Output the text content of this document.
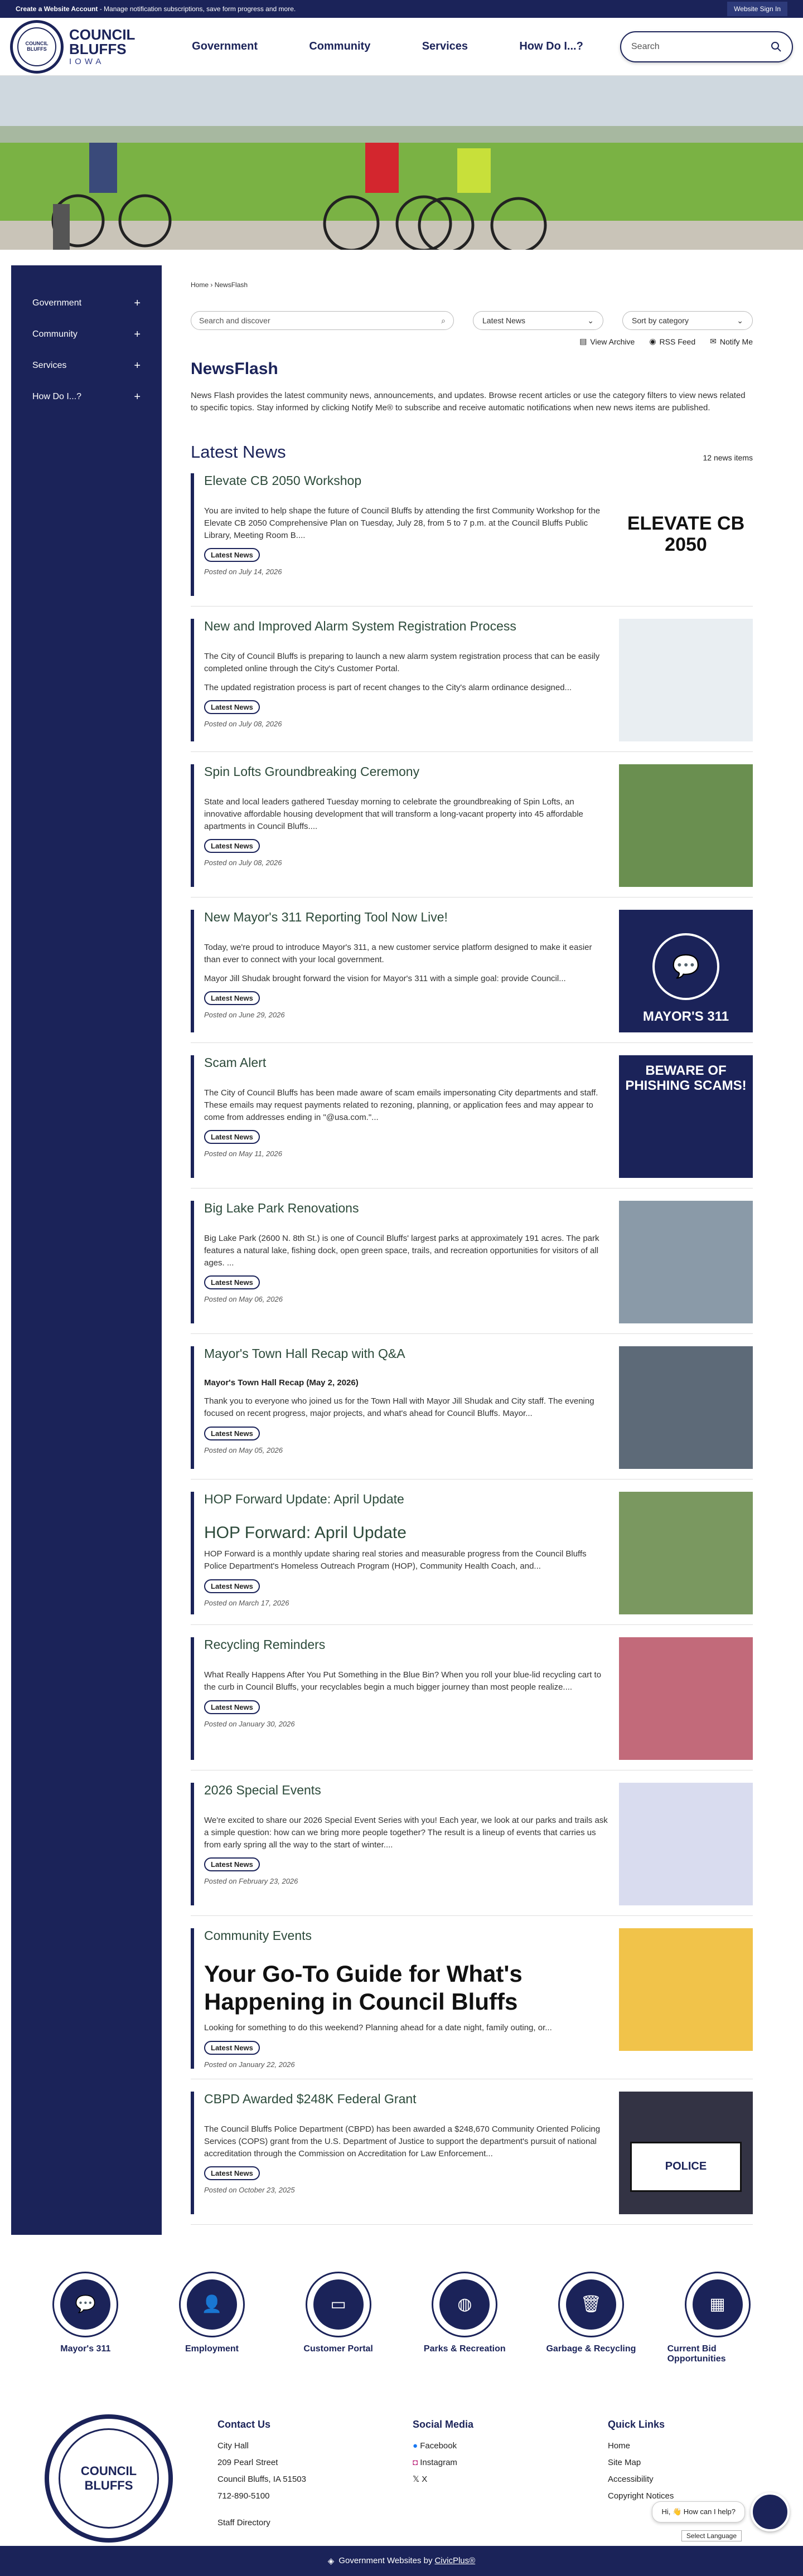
Create a Website Account - Manage notification subscriptions, save form progress and more.	Website Sign In
COUNCIL BLUFFS
COUNCIL
BLUFFS
IOWA
Government	Community	Services	How Do I...?	Search
Government	+
Community	+
Services	+
How Do I...?	+
Home › NewsFlash
Search and discover	⌕	Latest News	⌄	Sort by category	⌄
▤ View Archive ◉ RSS Feed ✉ Notify Me
NewsFlash

News Flash provides the latest community news, announcements, and updates. Browse recent articles or use the category filters to view news related to specific topics. Stay informed by clicking Notify Me® to subscribe and receive automatic notifications when new news items are published.

Latest News	12 news items
Elevate CB 2050 Workshop

You are invited to help shape the future of Council Bluffs by attending the first Community Workshop for the Elevate CB 2050 Comprehensive Plan on Tuesday, July 28, from 5 to 7 p.m. at the Council Bluffs Public Library, Meeting Room B....

Latest News
Posted on July 14, 2026
ELEVATE CB 2050
New and Improved Alarm System Registration Process

The City of Council Bluffs is preparing to launch a new alarm system registration process that can be easily completed online through the City's Customer Portal.

The updated registration process is part of recent changes to the City's alarm ordinance designed...

Latest News
Posted on July 08, 2026
Spin Lofts Groundbreaking Ceremony

State and local leaders gathered Tuesday morning to celebrate the groundbreaking of Spin Lofts, an innovative affordable housing development that will transform a long-vacant property into 45 affordable apartments in Council Bluffs....

Latest News
Posted on July 08, 2026
New Mayor's 311 Reporting Tool Now Live!

Today, we're proud to introduce Mayor's 311, a new customer service platform designed to make it easier than ever to connect with your local government.

Mayor Jill Shudak brought forward the vision for Mayor's 311 with a simple goal: provide Council...

Latest News
Posted on June 29, 2026
💬
MAYOR'S 311
Scam Alert

The City of Council Bluffs has been made aware of scam emails impersonating City departments and staff. These emails may request payments related to rezoning, planning, or application fees and may appear to come from addresses ending in "@usa.com."...

Latest News
Posted on May 11, 2026
BEWARE OF PHISHING SCAMS!
Big Lake Park Renovations

Big Lake Park (2600 N. 8th St.) is one of Council Bluffs' largest parks at approximately 191 acres. The park features a natural lake, fishing dock, open green space, trails, and recreation opportunities for visitors of all ages. ...

Latest News
Posted on May 06, 2026
Mayor's Town Hall Recap with Q&A
Mayor's Town Hall Recap (May 2, 2026)

Thank you to everyone who joined us for the Town Hall with Mayor Jill Shudak and City staff. The evening focused on recent progress, major projects, and what's ahead for Council Bluffs. Mayor...

Latest News
Posted on May 05, 2026
HOP Forward Update: April Update
HOP Forward: April Update

HOP Forward is a monthly update sharing real stories and measurable progress from the Council Bluffs Police Department's Homeless Outreach Program (HOP), Community Health Coach, and...

Latest News
Posted on March 17, 2026
Recycling Reminders

What Really Happens After You Put Something in the Blue Bin? When you roll your blue-lid recycling cart to the curb in Council Bluffs, your recyclables begin a much bigger journey than most people realize....

Latest News
Posted on January 30, 2026
2026 Special Events

We're excited to share our 2026 Special Event Series with you! Each year, we look at our parks and trails ask a simple question: how can we bring more people together? The result is a lineup of events that carries us from early spring all the way to the start of winter....

Latest News
Posted on February 23, 2026
Community Events
Your Go-To Guide for What's Happening in Council Bluffs

Looking for something to do this weekend? Planning ahead for a date night, family outing, or...

Latest News
Posted on January 22, 2026
CBPD Awarded $248K Federal Grant

The Council Bluffs Police Department (CBPD) has been awarded a $248,670 Community Oriented Policing Services (COPS) grant from the U.S. Department of Justice to support the department's pursuit of national accreditation through the Commission on Accreditation for Law Enforcement...

Latest News
Posted on October 23, 2025
POLICE
💬
Mayor's 311
👤
Employment
▭
Customer Portal
◍
Parks & Recreation
🗑
Garbage & Recycling
▦
Current Bid Opportunities
COUNCIL BLUFFS
Contact Us
City Hall
209 Pearl Street
Council Bluffs, IA 51503
712-890-5100
Staff Directory
Social Media
● Facebook
◘ Instagram
𝕏 X
Quick Links
Home
Site Map
Accessibility
Copyright Notices
Hi, 👋 How can I help?
Select Language
◈ Government Websites by CivicPlus®
